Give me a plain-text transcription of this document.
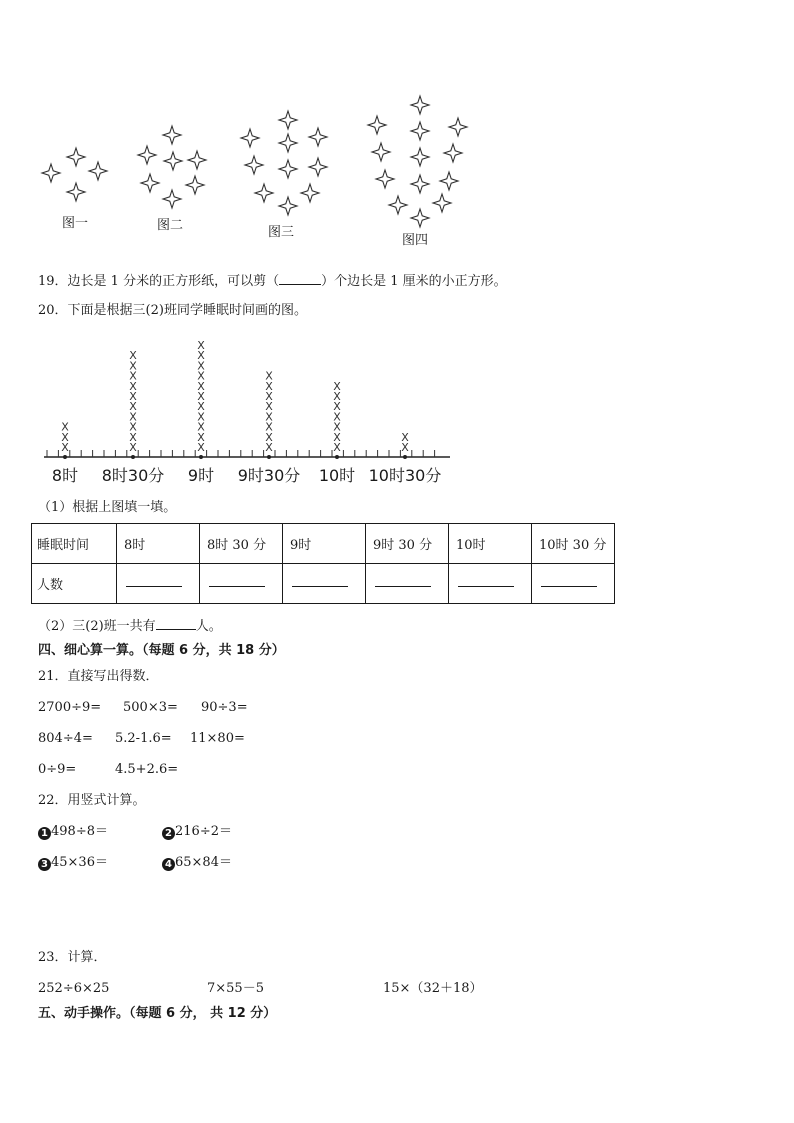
图一	图二	图三
图四
19．边长是 1 分米的正方形纸，可以剪（	）个边长是 1 厘米的小正方形。
20．下面是根据三(2)班同学睡眠时间画的图。
X
X
X
X
X
X
X
X
X
X
X
X
X
X
X
X
X
X
X
X
X
X
X
X
X
X
X
X
X
X
X
X
X
X
X
X
X
X
X
X
X
8时 8时30分 9时 9时30分 10时 10时30分
（1）根据上图填一填。
睡眠时间	8时	8时 30 分	9时	9时 30 分	10时	10时 30 分
人数						
（2）三(2)班一共有	人。
四、细心算一算。（每题 6 分，共 18 分）
21．直接写出得数．
2700÷9= 500×3= 90÷3=
804÷4= 5.2-1.6= 11×80=
0÷9=	4.5+2.6=
22．用竖式计算。
1 498÷8＝	2 216÷2＝
3 45×36＝	4 65×84＝
23．计算．
252÷6×25	7×55－5	15×（32＋18）
五、动手操作。（每题 6 分， 共 12 分）
